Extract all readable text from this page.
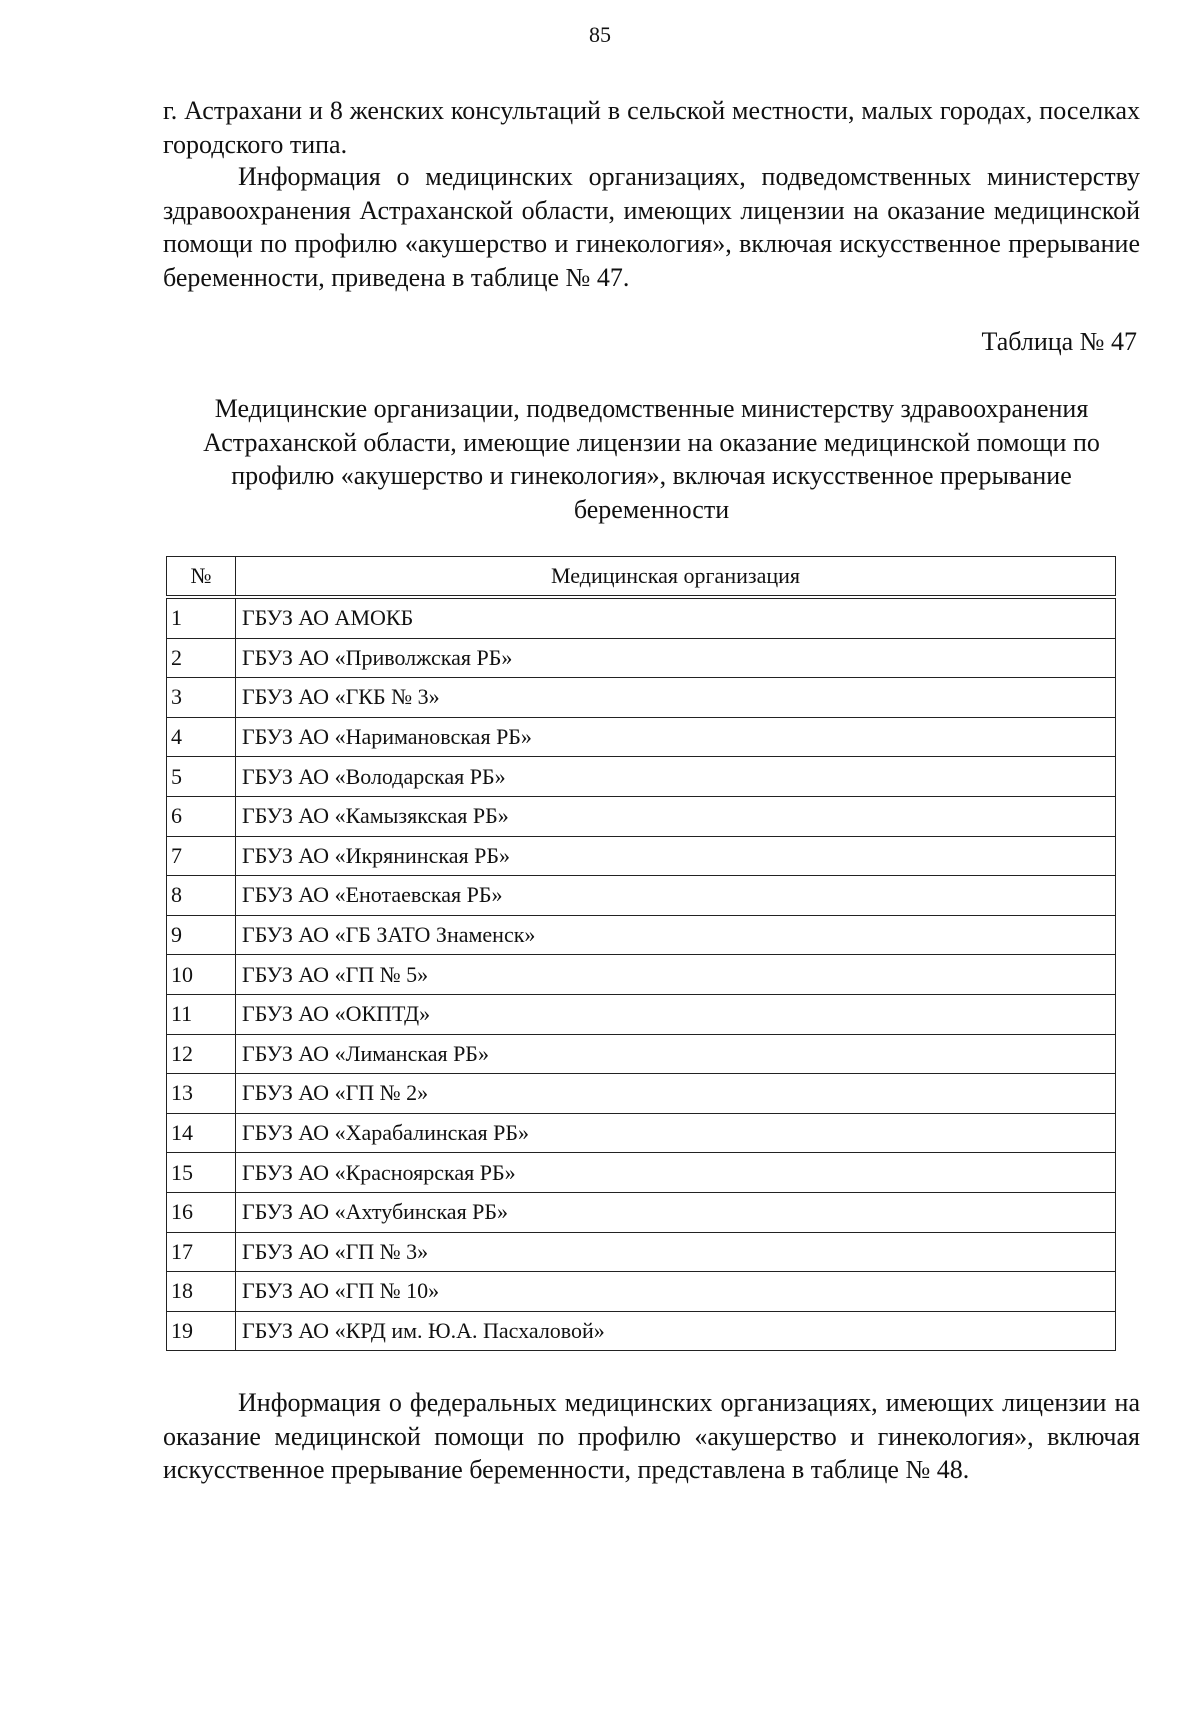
85

г. Астрахани и 8 женских консультаций в сельской местности, малых городах, поселках городского типа.

Информация о медицинских организациях, подведомственных министерству здравоохранения Астраханской области, имеющих лицензии на оказание медицинской помощи по профилю «акушерство и гинекология», включая искусственное прерывание беременности, приведена в таблице № 47.

Таблица № 47
Медицинские организации, подведомственные министерству здравоохранения Астраханской области, имеющие лицензии на оказание медицинской помощи по профилю «акушерство и гинекология», включая искусственное прерывание беременности
№	Медицинская организация
1	ГБУЗ АО АМОКБ
2	ГБУЗ АО «Приволжская РБ»
3	ГБУЗ АО «ГКБ № 3»
4	ГБУЗ АО «Наримановская РБ»
5	ГБУЗ АО «Володарская РБ»
6	ГБУЗ АО «Камызякская РБ»
7	ГБУЗ АО «Икрянинская РБ»
8	ГБУЗ АО «Енотаевская РБ»
9	ГБУЗ АО «ГБ ЗАТО Знаменск»
10	ГБУЗ АО «ГП № 5»
11	ГБУЗ АО «ОКПТД»
12	ГБУЗ АО «Лиманская РБ»
13	ГБУЗ АО «ГП № 2»
14	ГБУЗ АО «Харабалинская РБ»
15	ГБУЗ АО «Красноярская РБ»
16	ГБУЗ АО «Ахтубинская РБ»
17	ГБУЗ АО «ГП № 3»
18	ГБУЗ АО «ГП № 10»
19	ГБУЗ АО «КРД им. Ю.А. Пасхаловой»

Информация о федеральных медицинских организациях, имеющих лицензии на оказание медицинской помощи по профилю «акушерство и гинекология», включая искусственное прерывание беременности, представлена в таблице № 48.
